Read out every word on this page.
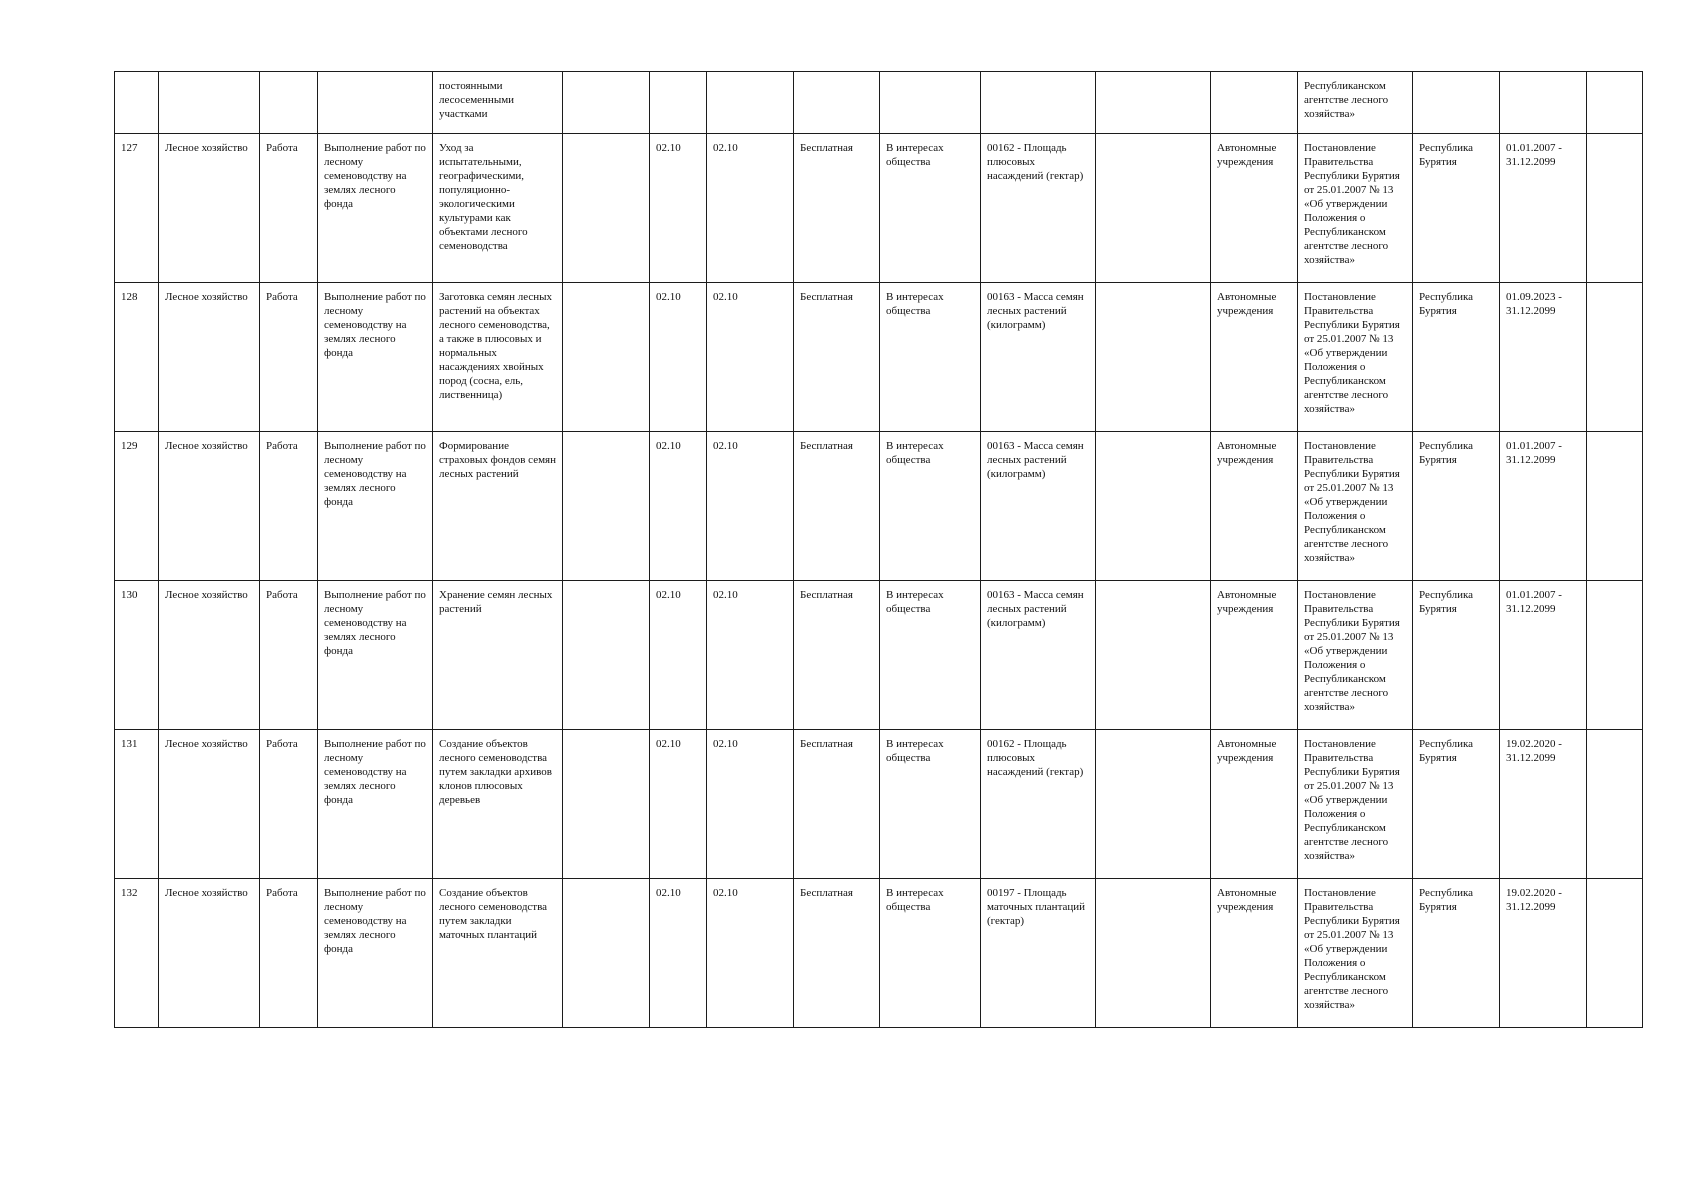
				постоянными лесосеменными участками									Республиканском агентстве лесного хозяйства»			
127	Лесное хозяйство	Работа	Выполнение работ по лесному семеноводству на землях лесного фонда	Уход за испытательными, географическими, популяционно-экологическими культурами как объектами лесного семеноводства		02.10	02.10	Бесплатная	В интересах общества	00162 - Площадь плюсовых насаждений (гектар)		Автономные учреждения	Постановление Правительства Республики Бурятия от 25.01.2007 № 13 «Об утверждении Положения о Республиканском агентстве лесного хозяйства»	Республика Бурятия	01.01.2007 - 31.12.2099	
128	Лесное хозяйство	Работа	Выполнение работ по лесному семеноводству на землях лесного фонда	Заготовка семян лесных растений на объектах лесного семеноводства, а также в плюсовых и нормальных насаждениях хвойных пород (сосна, ель, лиственница)		02.10	02.10	Бесплатная	В интересах общества	00163 - Масса семян лесных растений (килограмм)		Автономные учреждения	Постановление Правительства Республики Бурятия от 25.01.2007 № 13 «Об утверждении Положения о Республиканском агентстве лесного хозяйства»	Республика Бурятия	01.09.2023 - 31.12.2099	
129	Лесное хозяйство	Работа	Выполнение работ по лесному семеноводству на землях лесного фонда	Формирование страховых фондов семян лесных растений		02.10	02.10	Бесплатная	В интересах общества	00163 - Масса семян лесных растений (килограмм)		Автономные учреждения	Постановление Правительства Республики Бурятия от 25.01.2007 № 13 «Об утверждении Положения о Республиканском агентстве лесного хозяйства»	Республика Бурятия	01.01.2007 - 31.12.2099	
130	Лесное хозяйство	Работа	Выполнение работ по лесному семеноводству на землях лесного фонда	Хранение семян лесных растений		02.10	02.10	Бесплатная	В интересах общества	00163 - Масса семян лесных растений (килограмм)		Автономные учреждения	Постановление Правительства Республики Бурятия от 25.01.2007 № 13 «Об утверждении Положения о Республиканском агентстве лесного хозяйства»	Республика Бурятия	01.01.2007 - 31.12.2099	
131	Лесное хозяйство	Работа	Выполнение работ по лесному семеноводству на землях лесного фонда	Создание объектов лесного семеноводства путем закладки архивов клонов плюсовых деревьев		02.10	02.10	Бесплатная	В интересах общества	00162 - Площадь плюсовых насаждений (гектар)		Автономные учреждения	Постановление Правительства Республики Бурятия от 25.01.2007 № 13 «Об утверждении Положения о Республиканском агентстве лесного хозяйства»	Республика Бурятия	19.02.2020 - 31.12.2099	
132	Лесное хозяйство	Работа	Выполнение работ по лесному семеноводству на землях лесного фонда	Создание объектов лесного семеноводства путем закладки маточных плантаций		02.10	02.10	Бесплатная	В интересах общества	00197 - Площадь маточных плантаций (гектар)		Автономные учреждения	Постановление Правительства Республики Бурятия от 25.01.2007 № 13 «Об утверждении Положения о Республиканском агентстве лесного хозяйства»	Республика Бурятия	19.02.2020 - 31.12.2099	
